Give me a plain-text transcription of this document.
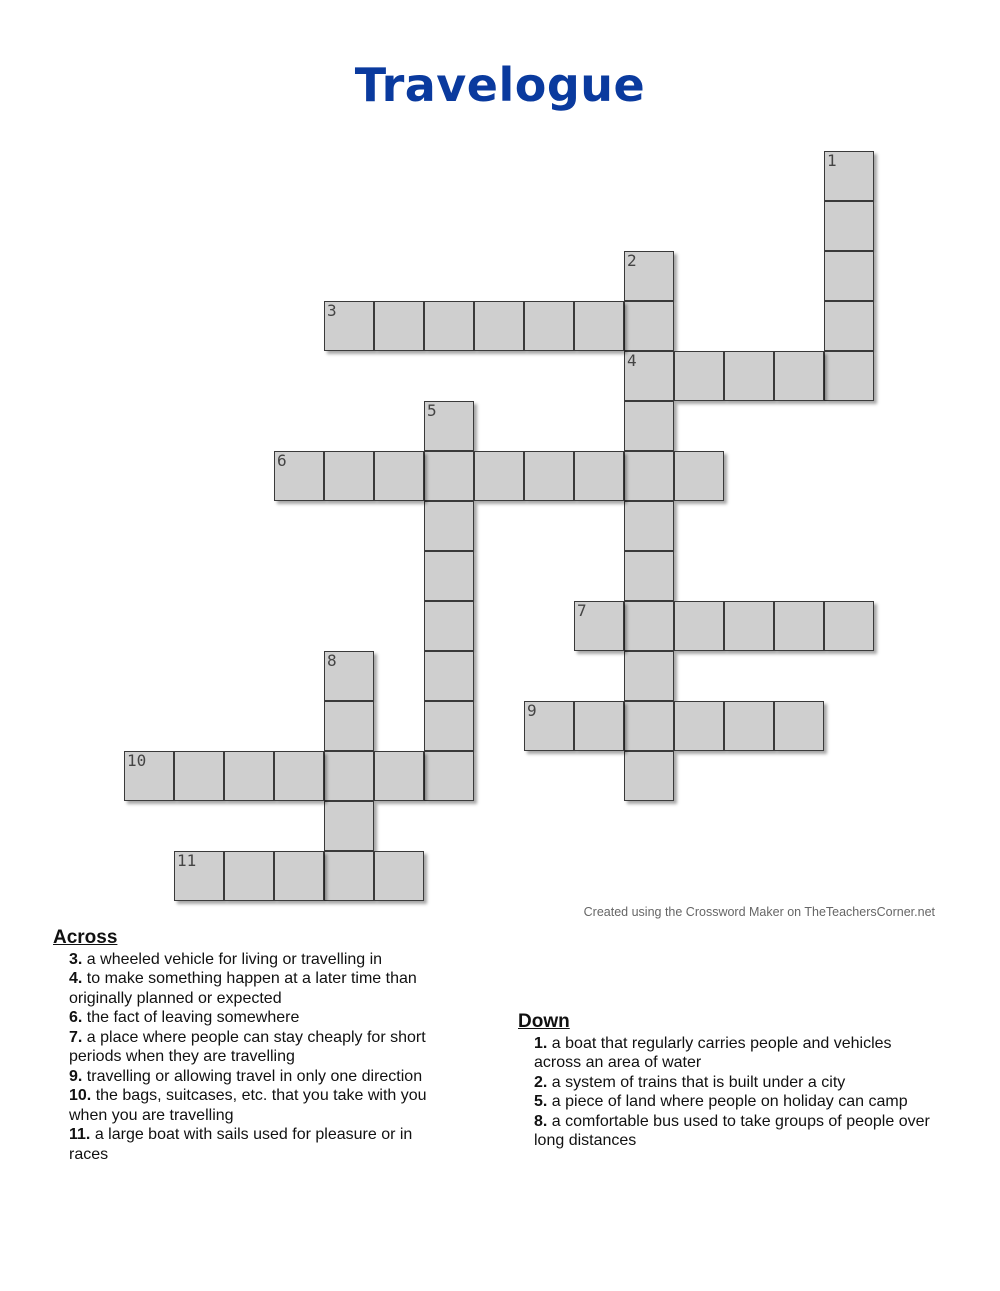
Travelogue
1
2
4
3
5
6
7
8
9
10
11
Created using the Crossword Maker on TheTeachersCorner.net
Across
3. a wheeled vehicle for living or travelling in
4. to make something happen at a later time than originally planned or expected
6. the fact of leaving somewhere
7. a place where people can stay cheaply for short periods when they are travelling
9. travelling or allowing travel in only one direction
10. the bags, suitcases, etc. that you take with you when you are travelling
11. a large boat with sails used for pleasure or in races
Down
1. a boat that regularly carries people and vehicles across an area of water
2. a system of trains that is built under a city
5. a piece of land where people on holiday can camp
8. a comfortable bus used to take groups of people over long distances
